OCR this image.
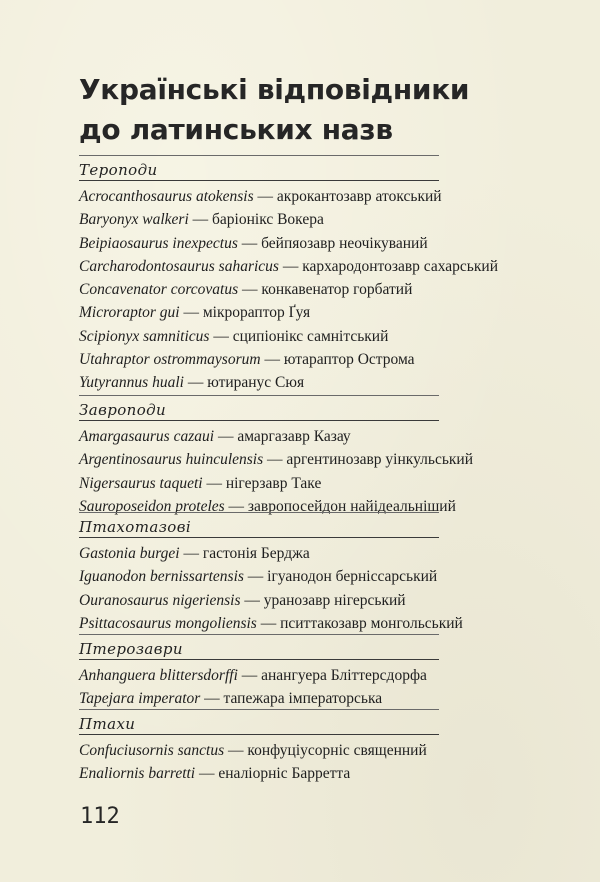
Українські відповідники
до латинських назв
Тероподи
Acrocanthosaurus atokensis — акрокантозавр атокський
Baryonyx walkeri — баріонікс Вокера
Beipiaosaurus inexpectus — бейпяозавр неочікуваний
Carcharodontosaurus saharicus — кархародонтозавр сахарський
Concavenator corcovatus — конкавенатор горбатий
Microraptor gui — мікрораптор Ґуя
Scipionyx samniticus — сципіонікс самнітський
Utahraptor ostrommaysorum — ютараптор Острома
Yutyrannus huali — ютиранус Сюя
Завроподи
Amargasaurus cazaui — амаргазавр Казау
Argentinosaurus huinculensis — аргентинозавр уінкульський
Nigersaurus taqueti — нігерзавр Таке
Sauroposeidon proteles — завропосейдон найідеальніший
Птахотазові
Gastonia burgei — гастонія Берджа
Iguanodon bernissartensis — ігуанодон берніссарський
Ouranosaurus nigeriensis — уранозавр нігерський
Psittacosaurus mongoliensis — пситтакозавр монгольський
Птерозаври
Anhanguera blittersdorffi — анангуера Бліттерсдорфа
Tapejara imperator — тапежара імператорська
Птахи
Confuciusornis sanctus — конфуціусорніс священний
Enaliornis barretti — еналіорніс Барретта
112
